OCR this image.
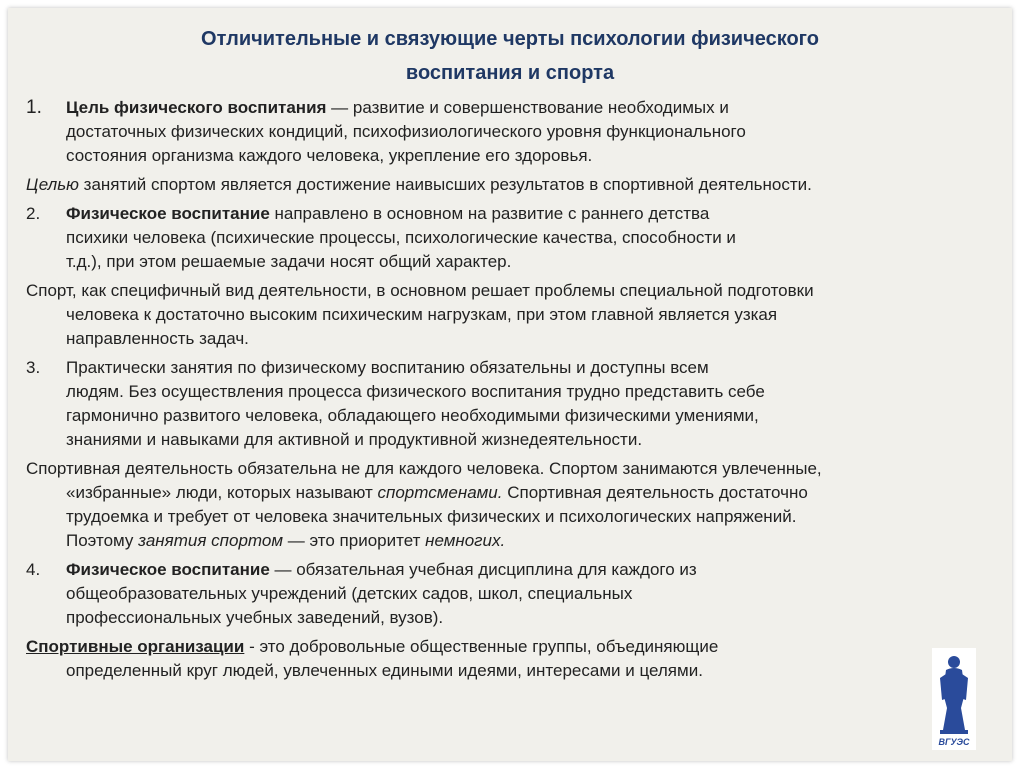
Отличительные и связующие черты психологии физического
воспитания и спорта
1. Цель физического воспитания — развитие и совершенствование необходимых и
достаточных физических кондиций, психофизиологического уровня функционального
состояния организма каждого человека, укрепление его здоровья.
Целью занятий спортом является достижение наивысших результатов в спортивной деятельности.
2. Физическое воспитание направлено в основном на развитие с раннего детства
психики человека (психические процессы, психологические качества, способности и
т.д.), при этом решаемые задачи носят общий характер.
Спорт, как специфичный вид деятельности, в основном решает проблемы специальной подготовки
человека к достаточно высоким психическим нагрузкам, при этом главной является узкая
направленность задач.
3. Практически занятия по физическому воспитанию обязательны и доступны всем
людям. Без осуществления процесса физического воспитания трудно представить себе
гармонично развитого человека, обладающего необходимыми физическими умениями,
знаниями и навыками для активной и продуктивной жизнедеятельности.
Спортивная деятельность обязательна не для каждого человека. Спортом занимаются увлеченные,
«избранные» люди, которых называют спортсменами. Спортивная деятельность достаточно
трудоемка и требует от человека значительных физических и психологических напряжений.
Поэтому занятия спортом — это приоритет немногих.
4. Физическое воспитание — обязательная учебная дисциплина для каждого из
общеобразовательных учреждений (детских садов, школ, специальных
профессиональных учебных заведений, вузов).
Спортивные организации - это добровольные общественные группы, объединяющие
определенный круг людей, увлеченных едиными идеями, интересами и целями.
ВГУЭС
